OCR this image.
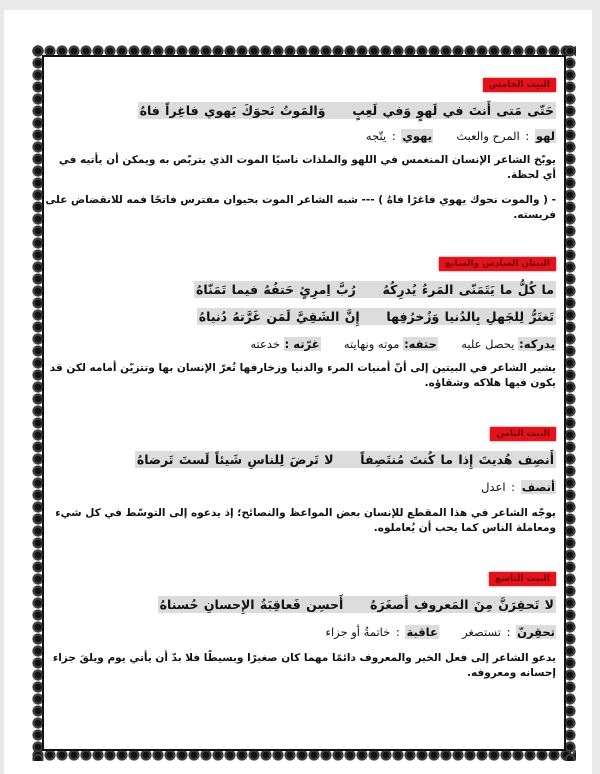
البيت الخامس
حَتّى مَتى أَنتَ في لَهوٍ وَفي لَعِبٍ     وَالمَوتُ نَحوَكَ يَهوي فاغِراً فاهُ
لهو : المرح والعبث  يهوي : يتّجه

يوبّخ الشاعر الإنسان المنغمس في اللهو والملذات ناسيًا الموت الذي يتربّص به ويمكن أن يأتيه في أي لحظة.

- ( والموت نحوك يهوي فاغرًا فاهُ ) --- شبه الشاعر الموت بحيوان مفترس فاتحًا فمه للانقضاض على فريسته.

البيتان السادس والسابع
ما كُلُّ ما يَتَمَنّى المَرءُ يُدرِكُهُ     رُبَّ اِمرِئٍ حَتفُهُ فيما تَمَنّاهُ
تَغتَرُّ لِلجَهلِ بِالدُنيا وَزُخرُفِها     إِنَّ الشَقِيَّ لَمَن غَرَّتهُ دُنياهُ
يدركه: يحصل عليه  حتفه: موته ونهايته  غرّته : خدعته

يشير الشاعر في البيتين إلى أنّ أمنيات المرء والدنيا وزخارفها تُغرّ الإنسان بها وتتزيّن أمامه لكن قد يكون فيها هلاكه وشقاؤه.

البيت الثامن
أَنصِف هُديتَ إِذا ما كُنتَ مُنتَصِفاً     لا تَرضَ لِلناسِ شَيئاً لَستَ تَرضاهُ
أنصف : اعدل

يوجّه الشاعر في هذا المقطع للإنسان بعض المواعظ والنصائح؛ إذ يدعوه إلى التوسّط في كل شيء ومعاملة الناس كما يحب أن يُعاملوه.

البيت التاسع
لا تَحقِرَنَّ مِنَ المَعروفِ أَصغَرَهُ     أَحسِن فَعاقِبَةُ الإِحسانِ حُسناهُ
تحقِرنّ : تستصغر  عاقبة : خاتمةُ أو جزاء

يدعو الشاعر إلى فعل الخير والمعروف دائمًا مهما كان صغيرًا وبسيطًا فلا بدّ أن يأتي يوم ويلقَ جزاء إحسانه ومعروفه.
